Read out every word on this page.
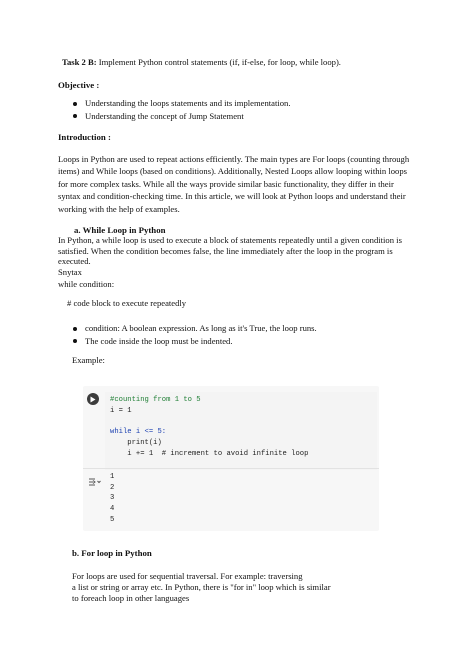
Task 2 B: Implement Python control statements (if, if-else, for loop, while loop).
Objective :
Understanding the loops statements and its implementation.
Understanding the concept of Jump Statement
Introduction :
Loops in Python are used to repeat actions efficiently. The main types are For loops (counting through items) and While loops (based on conditions). Additionally, Nested Loops allow looping within loops for more complex tasks. While all the ways provide similar basic functionality, they differ in their syntax and condition-checking time. In this article, we will look at Python loops and understand their working with the help of examples.
a. While Loop in Python
In Python, a while loop is used to execute a block of statements repeatedly until a given condition is satisfied. When the condition becomes false, the line immediately after the loop in the program is executed.
Snytax
while condition:
# code block to execute repeatedly
condition: A boolean expression. As long as it's True, the loop runs.
The code inside the loop must be indented.
Example:
#counting from 1 to 5
i = 1

while i <= 5:
print(i)
i += 1  # increment to avoid infinite loop
1
2
3
4
5
b. For loop in Python
For loops are used for sequential traversal. For example: traversing
a list or string or array etc. In Python, there is "for in" loop which is similar
to foreach loop in other languages
